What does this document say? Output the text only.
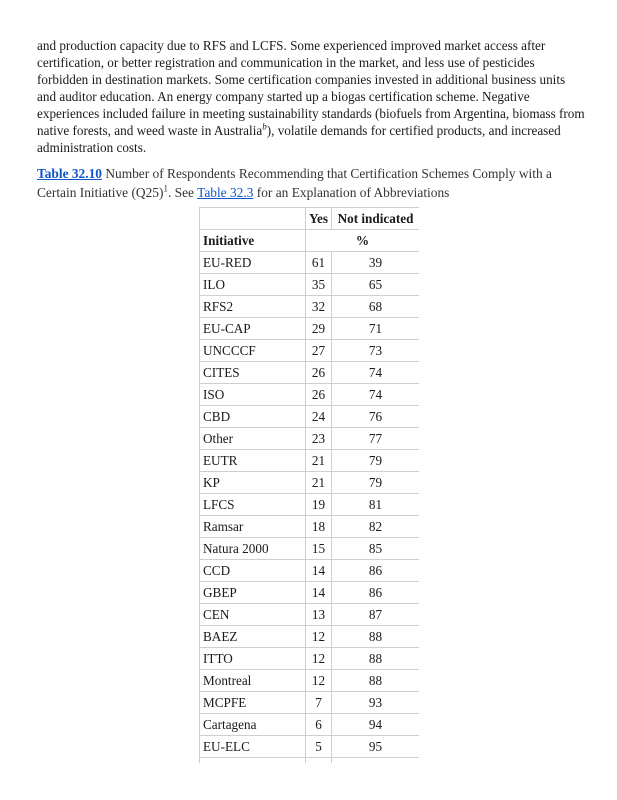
and production capacity due to RFS and LCFS. Some experienced improved market access after certification, or better registration and communication in the market, and less use of pesticides forbidden in destination markets. Some certification companies invested in additional business units and auditor education. An energy company started up a biogas certification scheme. Negative experiences included failure in meeting sustainability standards (biofuels from Argentina, biomass from native forests, and weed waste in Australia$^b$), volatile demands for certified products, and increased administration costs.

Table 32.10 Number of Respondents Recommending that Certification Schemes Comply with a Certain Initiative $(Q25)^1$. See Table 32.3 for an Explanation of Abbreviations

	Yes	Not indicated
Initiative	%	
EU-RED	61	39
ILO	35	65
RFS2	32	68
EU-CAP	29	71
UNCCCF	27	73
CITES	26	74
ISO	26	74
CBD	24	76
Other	23	77
EUTR	21	79
KP	21	79
LFCS	19	81
Ramsar	18	82
Natura 2000	15	85
CCD	14	86
GBEP	14	86
CEN	13	87
BAEZ	12	88
ITTO	12	88
Montreal	12	88
MCPFE	7	93
Cartagena	6	94
EU-ELC	5	95
